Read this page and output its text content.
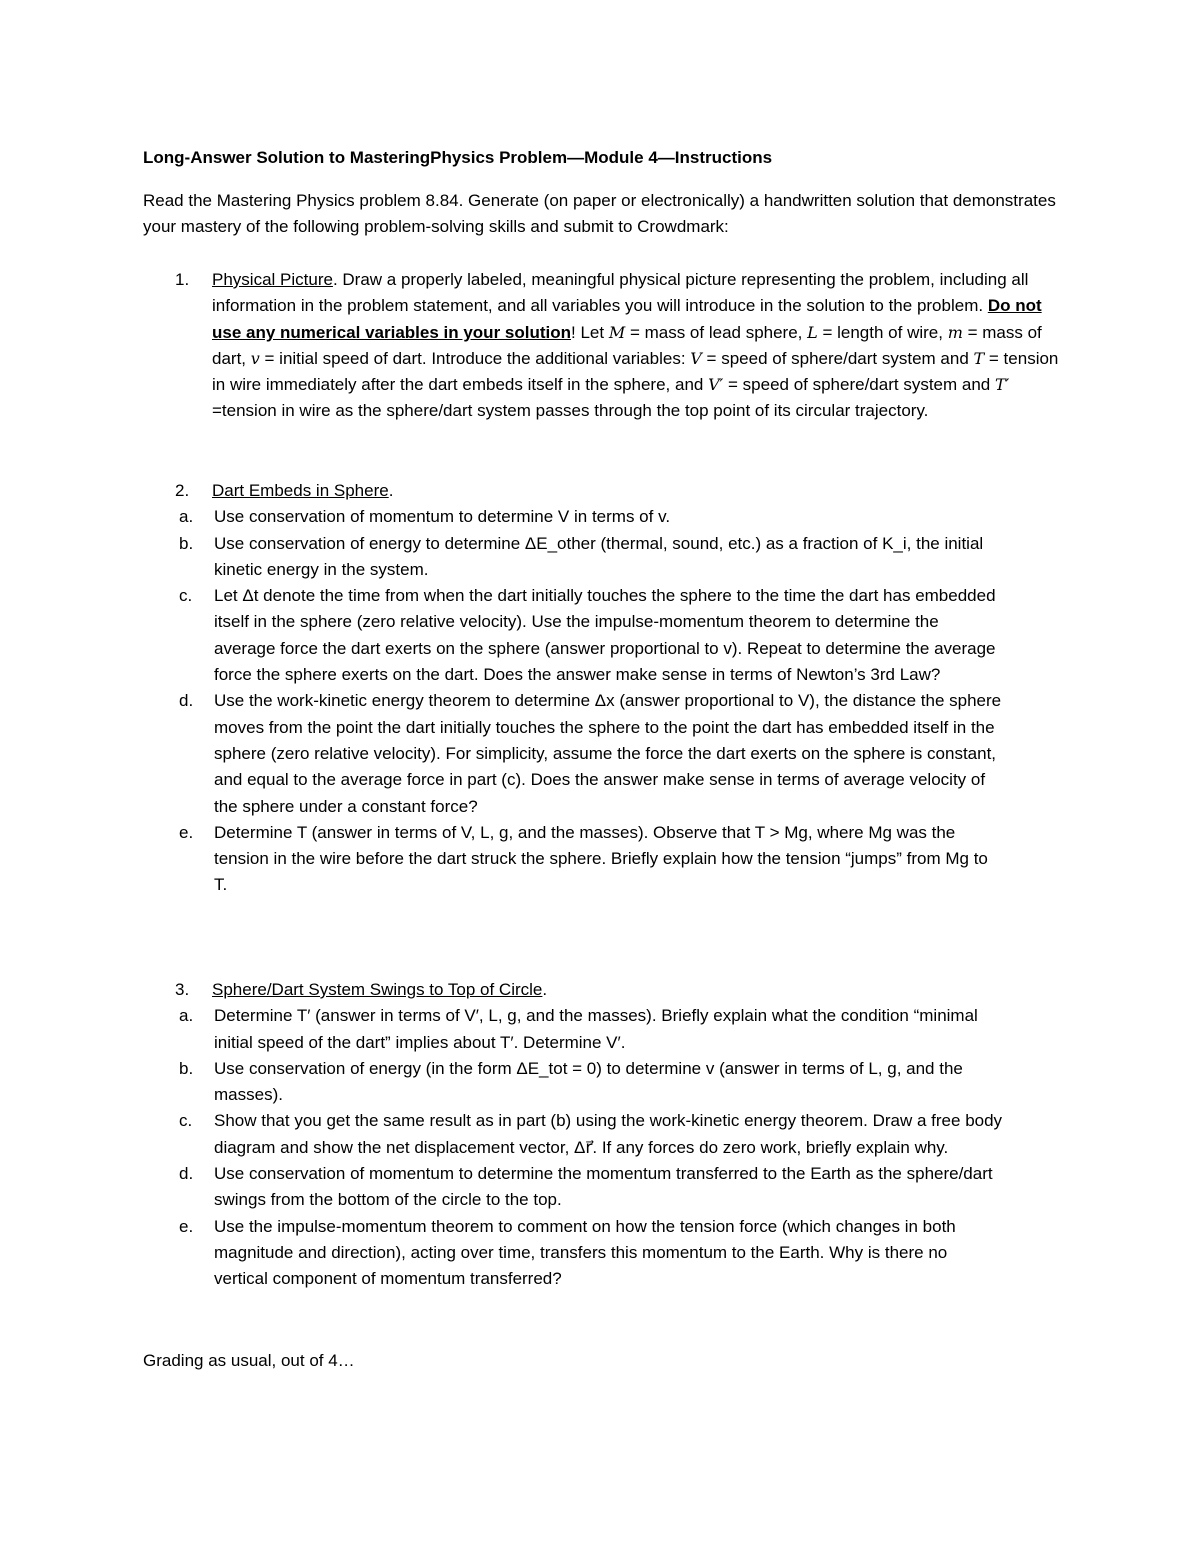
Long-Answer Solution to MasteringPhysics Problem—Module 4—Instructions
Read the Mastering Physics problem 8.84. Generate (on paper or electronically) a handwritten solution that demonstrates your mastery of the following problem-solving skills and submit to Crowdmark:
1.	Physical Picture. Draw a properly labeled, meaningful physical picture representing the problem, including all information in the problem statement, and all variables you will introduce in the solution to the problem. Do not use any numerical variables in your solution! Let M = mass of lead sphere, L = length of wire, m = mass of dart, v = initial speed of dart. Introduce the additional variables: V = speed of sphere/dart system and T = tension in wire immediately after the dart embeds itself in the sphere, and V′ = speed of sphere/dart system and T′ =tension in wire as the sphere/dart system passes through the top point of its circular trajectory.
2.	Dart Embeds in Sphere.
a. Use conservation of momentum to determine V in terms of v.
b. Use conservation of energy to determine ΔE_other (thermal, sound, etc.) as a fraction of K_i, the initial kinetic energy in the system.
c. Let Δt denote the time from when the dart initially touches the sphere to the time the dart has embedded itself in the sphere (zero relative velocity). Use the impulse-momentum theorem to determine the average force the dart exerts on the sphere (answer proportional to v). Repeat to determine the average force the sphere exerts on the dart. Does the answer make sense in terms of Newton’s 3rd Law?
d. Use the work-kinetic energy theorem to determine Δx (answer proportional to V), the distance the sphere moves from the point the dart initially touches the sphere to the point the dart has embedded itself in the sphere (zero relative velocity). For simplicity, assume the force the dart exerts on the sphere is constant, and equal to the average force in part (c). Does the answer make sense in terms of average velocity of the sphere under a constant force?
e. Determine T (answer in terms of V, L, g, and the masses). Observe that T > Mg, where Mg was the tension in the wire before the dart struck the sphere. Briefly explain how the tension “jumps” from Mg to T.
3.	Sphere/Dart System Swings to Top of Circle.
a. Determine T′ (answer in terms of V′, L, g, and the masses). Briefly explain what the condition “minimal initial speed of the dart” implies about T′. Determine V′.
b. Use conservation of energy (in the form ΔE_tot = 0) to determine v (answer in terms of L, g, and the masses).
c. Show that you get the same result as in part (b) using the work-kinetic energy theorem. Draw a free body diagram and show the net displacement vector, Δr⃗. If any forces do zero work, briefly explain why.
d. Use conservation of momentum to determine the momentum transferred to the Earth as the sphere/dart swings from the bottom of the circle to the top.
e. Use the impulse-momentum theorem to comment on how the tension force (which changes in both magnitude and direction), acting over time, transfers this momentum to the Earth. Why is there no vertical component of momentum transferred?
Grading as usual, out of 4…
